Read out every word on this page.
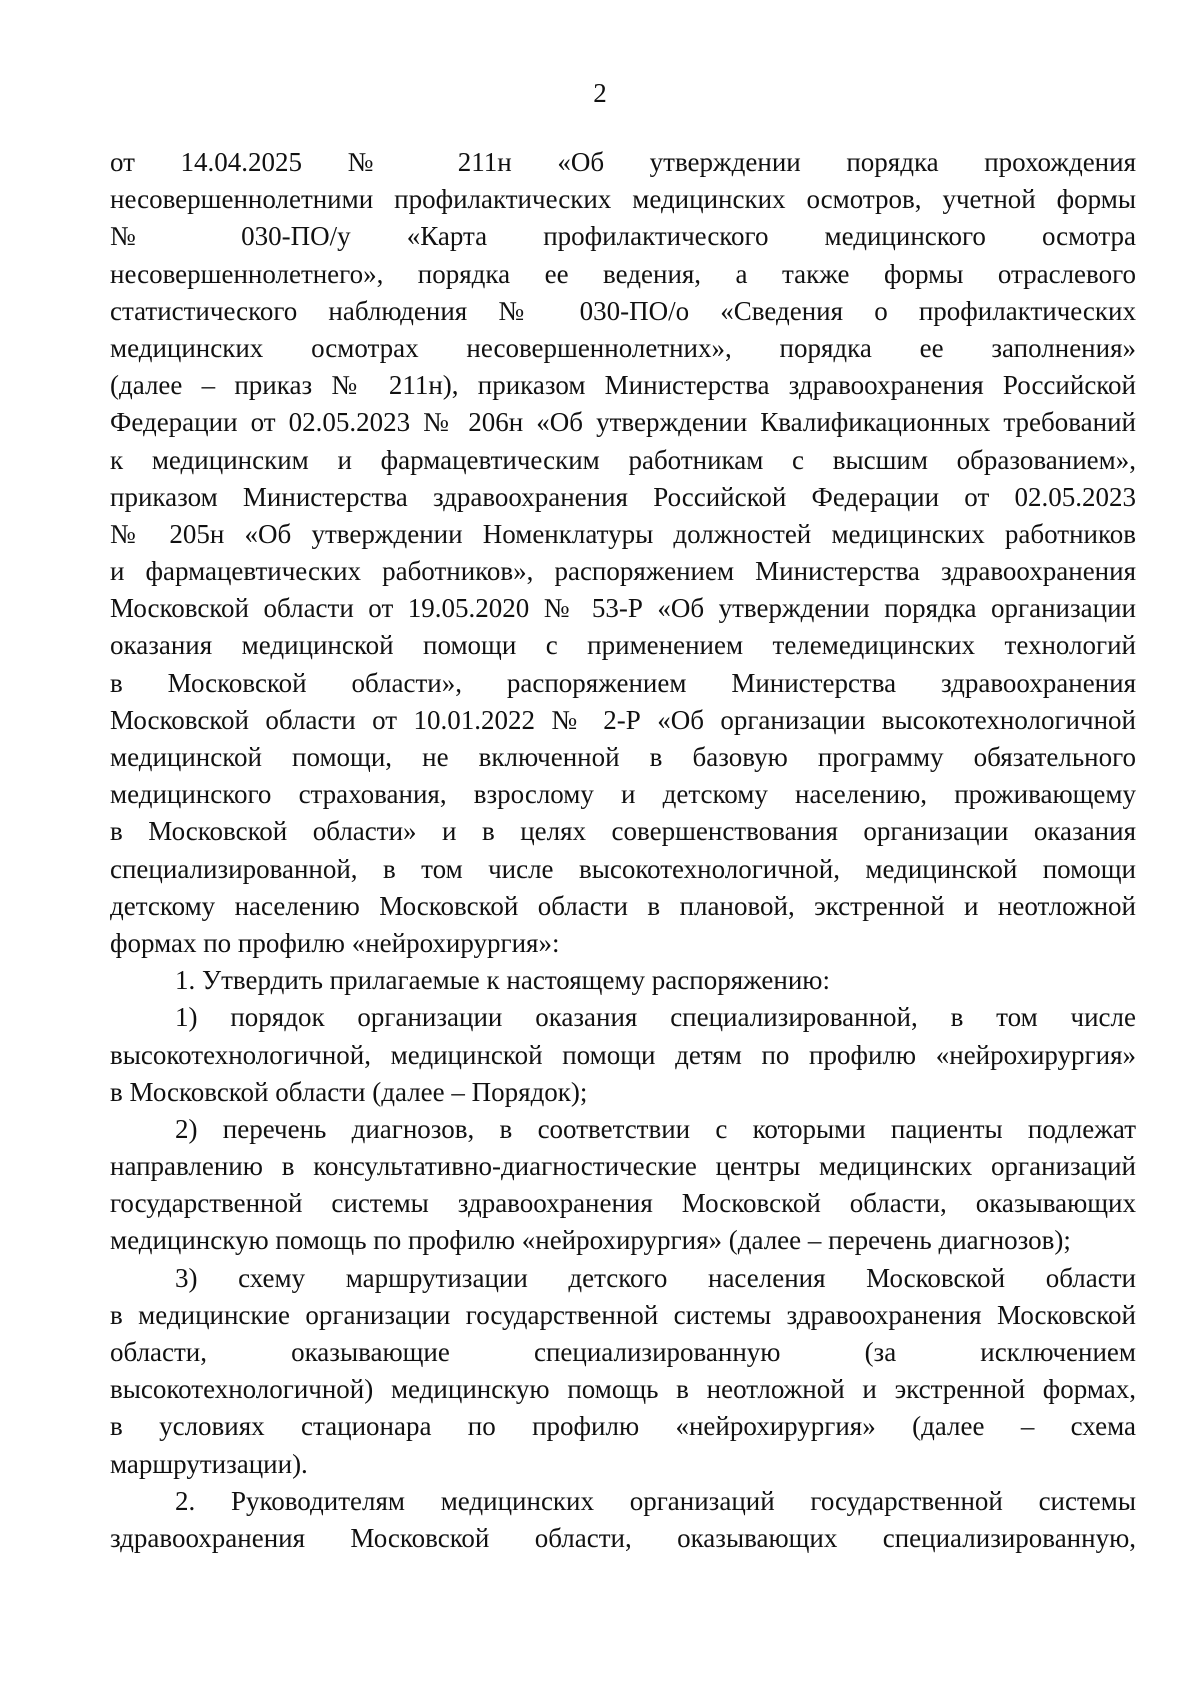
2
от 14.04.2025 № 211н «Об утверждении порядка прохождения
несовершеннолетними профилактических медицинских осмотров, учетной формы
№ 030-ПО/у «Карта профилактического медицинского осмотра
несовершеннолетнего», порядка ее ведения, а также формы отраслевого
статистического наблюдения № 030-ПО/о «Сведения о профилактических
медицинских осмотрах несовершеннолетних», порядка ее заполнения»
(далее – приказ № 211н), приказом Министерства здравоохранения Российской
Федерации от 02.05.2023 № 206н «Об утверждении Квалификационных требований
к медицинским и фармацевтическим работникам с высшим образованием»,
приказом Министерства здравоохранения Российской Федерации от 02.05.2023
№ 205н «Об утверждении Номенклатуры должностей медицинских работников
и фармацевтических работников», распоряжением Министерства здравоохранения
Московской области от 19.05.2020 № 53-Р «Об утверждении порядка организации
оказания медицинской помощи с применением телемедицинских технологий
в Московской области», распоряжением Министерства здравоохранения
Московской области от 10.01.2022 № 2-Р «Об организации высокотехнологичной
медицинской помощи, не включенной в базовую программу обязательного
медицинского страхования, взрослому и детскому населению, проживающему
в Московской области» и в целях совершенствования организации оказания
специализированной, в том числе высокотехнологичной, медицинской помощи
детскому населению Московской области в плановой, экстренной и неотложной
формах по профилю «нейрохирургия»:
1. Утвердить прилагаемые к настоящему распоряжению:
1) порядок организации оказания специализированной, в том числе
высокотехнологичной, медицинской помощи детям по профилю «нейрохирургия»
в Московской области (далее – Порядок);
2) перечень диагнозов, в соответствии с которыми пациенты подлежат
направлению в консультативно-диагностические центры медицинских организаций
государственной системы здравоохранения Московской области, оказывающих
медицинскую помощь по профилю «нейрохирургия» (далее – перечень диагнозов);
3) схему маршрутизации детского населения Московской области
в медицинские организации государственной системы здравоохранения Московской
области, оказывающие специализированную (за исключением
высокотехнологичной) медицинскую помощь в неотложной и экстренной формах,
в условиях стационара по профилю «нейрохирургия» (далее – схема
маршрутизации).
2. Руководителям медицинских организаций государственной системы
здравоохранения Московской области, оказывающих специализированную,
